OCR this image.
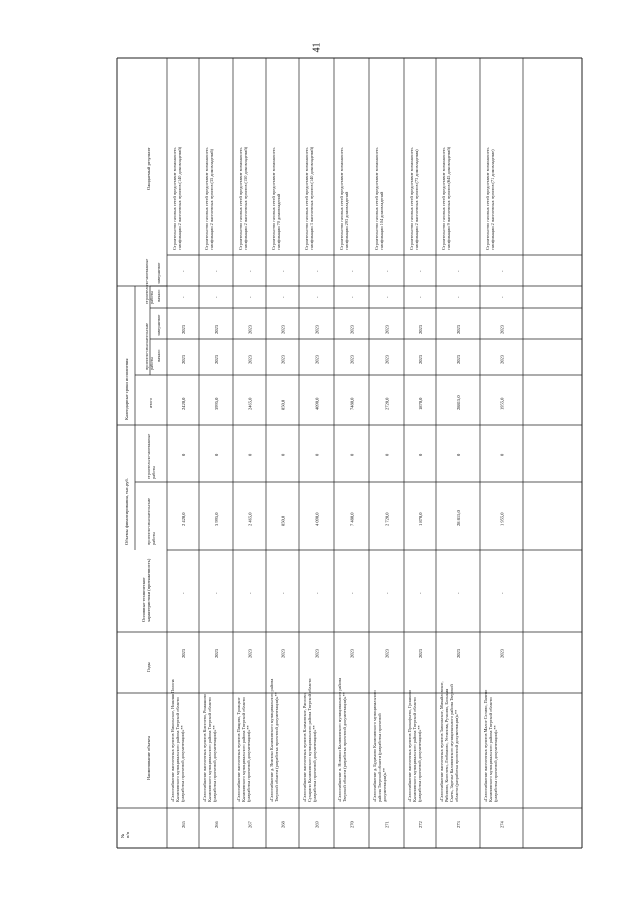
41
№п/п
Наименование объекта
Годы
Основные техническиехарактеристики (протяженность)
Объемы финансирования, тыс.руб.	проектно-изыскательскиеработы
строительно-монтажныеработы
итого
Календарные сроки исполнения
проектно-изыскательскиеработы
начало
завершение
строительно-монтажныеработы начало
завершение
Ожидаемый результат
265
«Газоснабжение населенных пунктов Никольское, Нижняя ПолонаКалининского муниципального района Тверской области(разработка проектной документации)»**
2023
-
2 420,0
0
2420,0
2023
2023
-
-
Строительство газовых сетей предоставит возможностьгазификации 2 населенных пунктов (140 домовладений)
266
«Газоснабжение населенных пунктов Киселево, РомашиноКалининского муниципального района Тверской области(разработка проектной документации)»**
2023
-
3 995,0
0
3995,0
2023
2023
-
-
Строительство газовых сетей предоставит возможностьгазификации 2 населенных пунктов (35 домовладений)
267
«Газоснабжение населенных пунктов Пищино, ТроицкоеКалининского муниципального района Тверской области(разработка проектной документации)»**
2023
-
2 465,0
0
2465,0
2023
2023
-
-
Строительство газовых сетей предоставит возможностьгазификации 2 населенных пунктов (150 домовладений)
268
«Газоснабжение д. Ясиноко Калининского муниципального районаТверской области (разработка проектной документации)»**
2023
-
850,0
0
850,0
2023
2023
-
-
Строительство газовых сетей предоставит возможностьгазификации 70 домовладений
269
«Газоснабжение населенных пунктов Климовское, Раслово,Сухарино Калининского муниципального района Тверской области(разработка проектной документации)»**
2023
-
4 090,0
0
4090,0
2023
2023
-
-
Строительство газовых сетей предоставит возможностьгазификации 3 населенных пунктов (140 домовладений)
270
«Газоснабжение п. Новинки Калининского муниципального районаТверской области (разработка проектной документации)»**
2023
-
7 480,0
0
7480,0
2023
2023
-
-
Строительство газовых сетей предоставит возможностьгазификации 293 домовладений
271
«Газоснабжение д. Будимово Калининского муниципальногорайона Тверской области (разработка проектнойдокументации)»**
2023
-
2 720,0
0
2720,0
2023
2023
-
-
Строительство газовых сетей предоставит возможностьгазификации 104 домовладений
272
«Газоснабжение населенных пунктов Прокофьево, ГришковоКалининского муниципального района Тверской области(разработка проектной документации)»**
2023
-
1 870,0
0
1870,0
2023
2023
-
-
Строительство газовых сетей предоставит возможностьгазификации 2 населенных пунктов (73 домовладения)
273
«Газоснабжение населенных пунктов Заволжское, Михайловское,Рябиново, Киселево, Любимово, Устинова, Ручкино, БольшаяСметь, Заречье Калининского муниципального района Тверскойобласти (разработка проектной документации)»**
2023
-
28 815,0
0
28815,0
2023
2023
-
-
Строительство газовых сетей предоставит возможностьгазификации 9 населенных пунктов (645 домовладений)
274
«Газоснабжение населенных пунктов Малое Селино, ПаненоКалининского муниципального района Тверской области(разработка проектной документации)»**
2023
-
1 955,0
0
1955,0
2023
2023
-
-
Строительство газовых сетей предоставит возможностьгазификации 2 населенных пунктов (71 домовладение)
